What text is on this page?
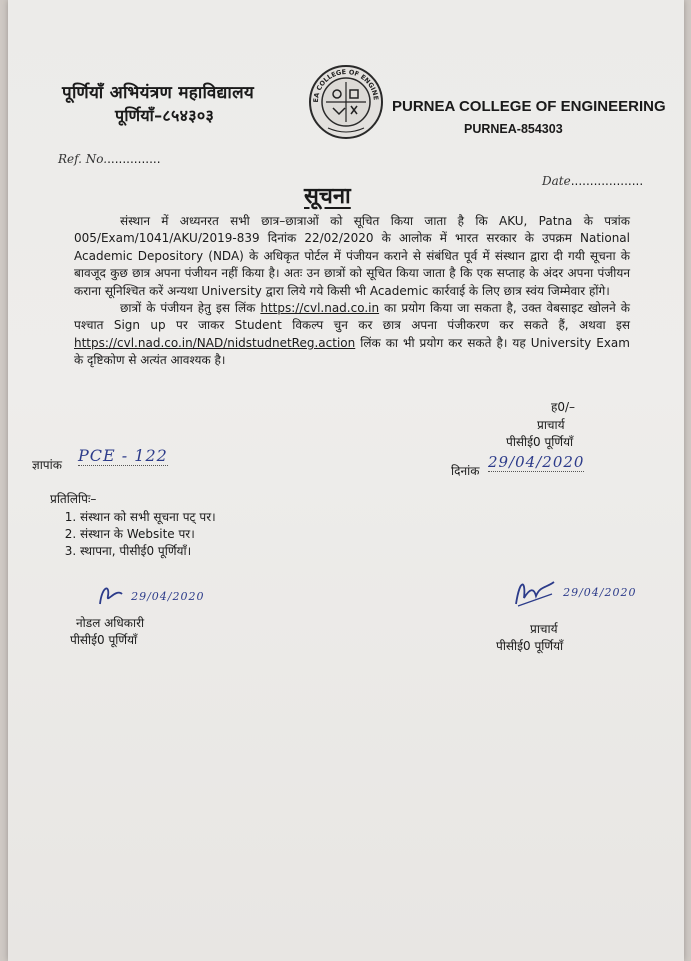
पूर्णियाँ अभियंत्रण महाविद्यालय
पूर्णियाँ–८५४३०३
EA COLLEGE OF ENGINE
PURNEA COLLEGE OF ENGINEERING
PURNEA-854303
Ref. No...............
Date...................
सूचना

संस्थान में अध्यनरत सभी छात्र–छात्राओं को सूचित किया जाता है कि AKU, Patna के पत्रांक 005/Exam/1041/AKU/2019-839 दिनांक 22/02/2020 के आलोक में भारत सरकार के उपक्रम National Academic Depository (NDA) के अधिकृत पोर्टल में पंजीयन कराने से संबंधित पूर्व में संस्थान द्वारा दी गयी सूचना के बावजूद कुछ छात्र अपना पंजीयन नहीं किया है। अतः उन छात्रों को सूचित किया जाता है कि एक सप्ताह के अंदर अपना पंजीयन कराना सूनिश्चित करें अन्यथा University द्वारा लिये गये किसी भी Academic कार्रवाई के लिए छात्र स्वंय जिम्मेवार होंगे।

छात्रों के पंजीयन हेतु इस लिंक https://cvl.nad.co.in का प्रयोग किया जा सकता है, उक्त वेबसाइट खोलने के पश्चात Sign up पर जाकर Student विकल्प चुन कर छात्र अपना पंजीकरण कर सकते हैं, अथवा इस https://cvl.nad.co.in/NAD/nidstudnetReg.action लिंक का भी प्रयोग कर सकते है। यह University Exam के दृष्टिकोण से अत्यंत आवश्यक है।

ह0/–
प्राचार्य
पीसीई0 पूर्णियाँ
ज्ञापांक PCE - 122
दिनांक 29/04/2020
प्रतिलिपिः–
1. संस्थान को सभी सूचना पट् पर।
2. संस्थान के Website पर।
3. स्थापना, पीसीई0 पूर्णियाँ।
$^{29/04/2020}$
नोडल अधिकारी
पीसीई0 पूर्णियाँ
$^{29/04/2020}$
प्राचार्य
पीसीई0 पूर्णियाँ
